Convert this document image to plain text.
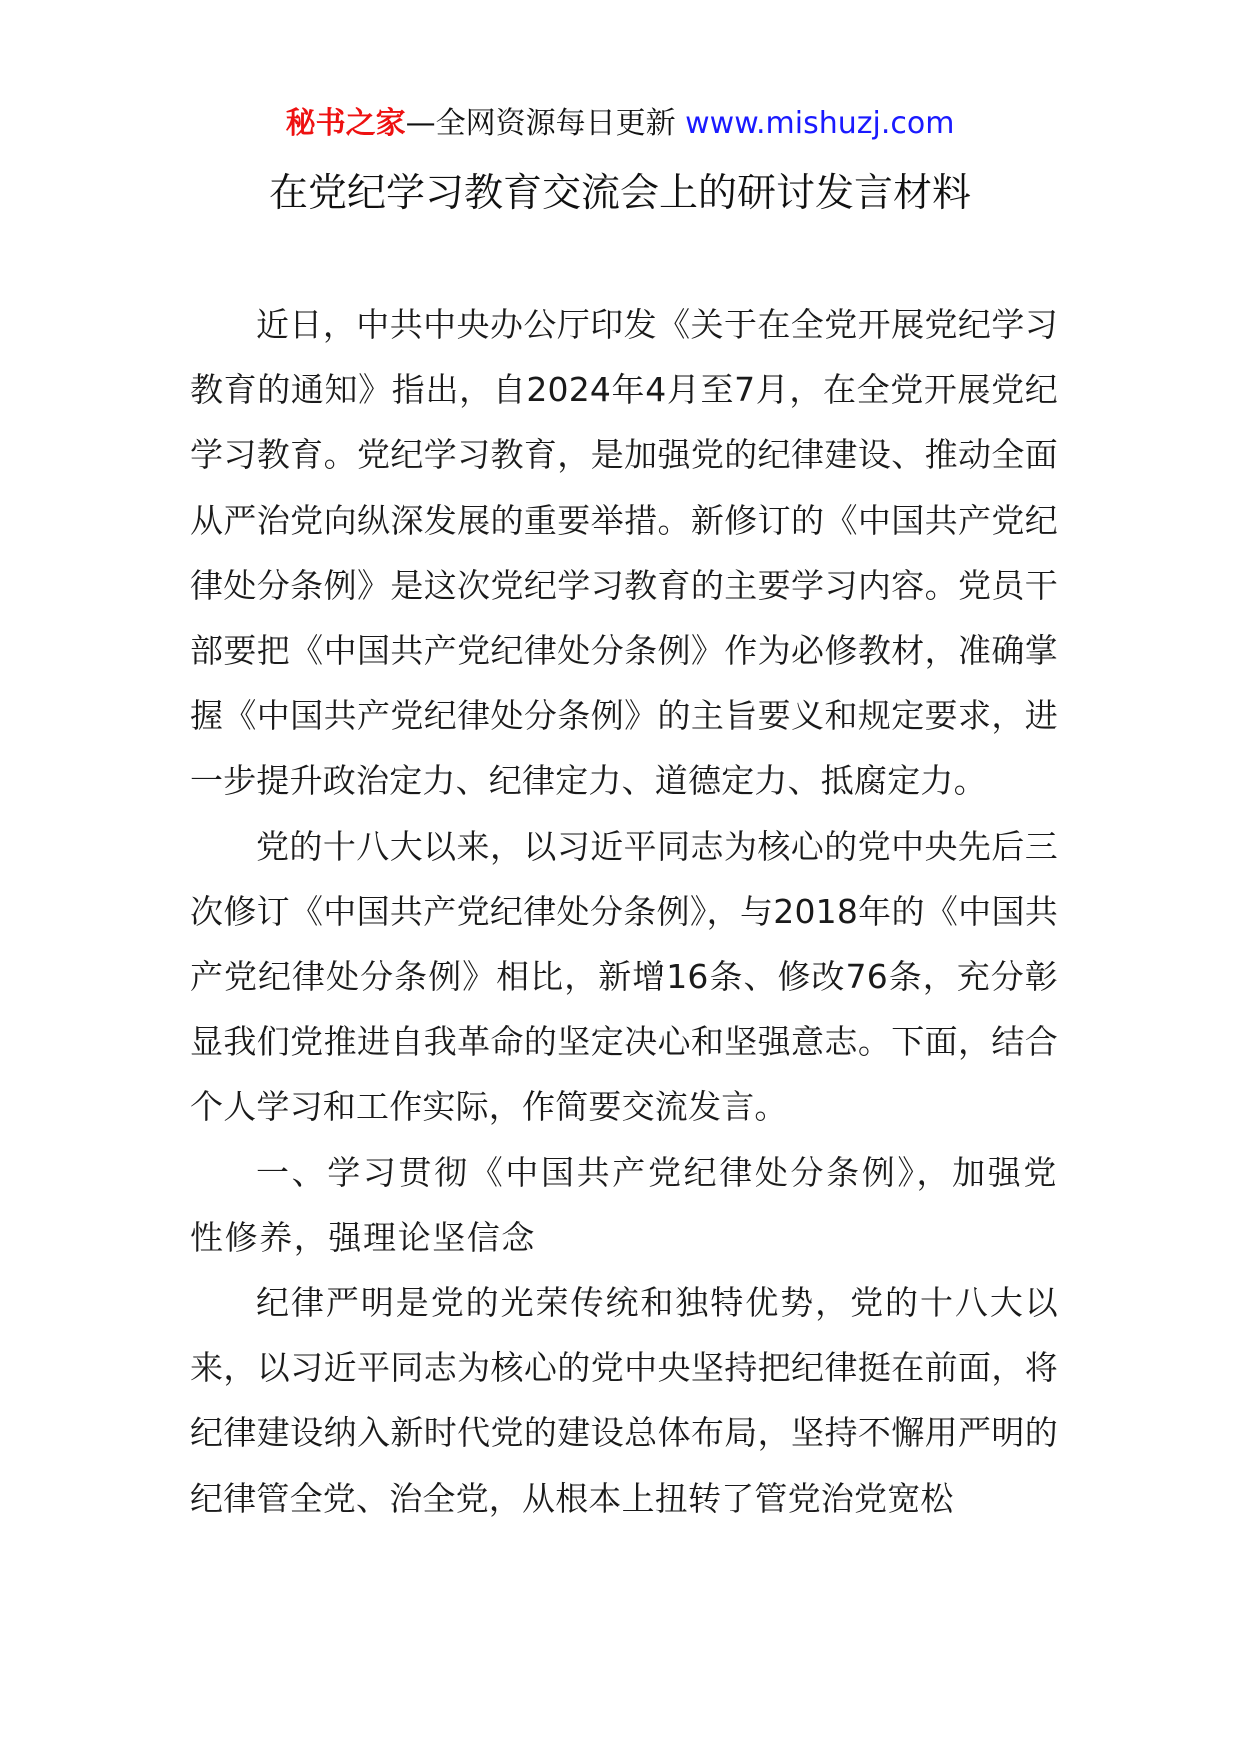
秘书之家—全网资源每日更新 www.mishuzj.com
在党纪学习教育交流会上的研讨发言材料

近日，中共中央办公厅印发《关于在全党开展党纪学习教育的通知》指出，自2024年4月至7月，在全党开展党纪学习教育。党纪学习教育，是加强党的纪律建设、推动全面从严治党向纵深发展的重要举措。新修订的《中国共产党纪律处分条例》是这次党纪学习教育的主要学习内容。党员干部要把《中国共产党纪律处分条例》作为必修教材，准确掌握《中国共产党纪律处分条例》的主旨要义和规定要求，进一步提升政治定力、纪律定力、道德定力、抵腐定力。

党的十八大以来，以习近平同志为核心的党中央先后三次修订《中国共产党纪律处分条例》，与2018年的《中国共产党纪律处分条例》相比，新增16条、修改76条，充分彰显我们党推进自我革命的坚定决心和坚强意志。下面，结合个人学习和工作实际，作简要交流发言。

一、学习贯彻《中国共产党纪律处分条例》，加强党性修养，强理论坚信念

纪律严明是党的光荣传统和独特优势，党的十八大以来，以习近平同志为核心的党中央坚持把纪律挺在前面，将纪律建设纳入新时代党的建设总体布局，坚持不懈用严明的纪律管全党、治全党，从根本上扭转了管党治党宽松
